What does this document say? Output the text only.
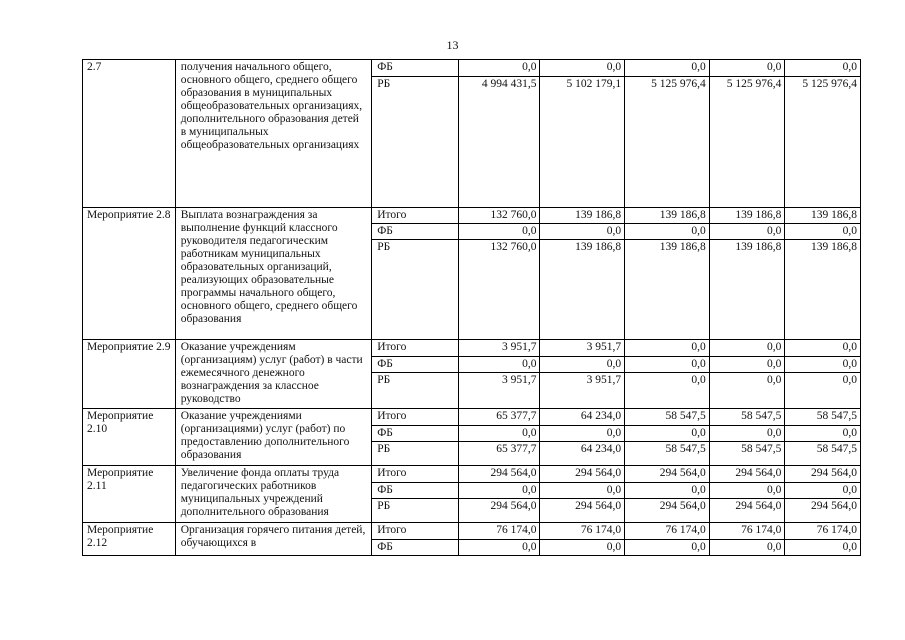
13
2.7	получения начального общего, основного общего, среднего общего образования в муниципальных общеобразовательных организациях, дополнительного образования детей в муниципальных общеобразовательных организациях	ФБ	0,0	0,0	0,0	0,0	0,0
		РБ	4 994 431,5	5 102 179,1	5 125 976,4	5 125 976,4	5 125 976,4
Мероприятие 2.8	Выплата вознаграждения за выполнение функций классного руководителя педагогическим работникам муниципальных образовательных организаций, реализующих образовательные программы начального общего, основного общего, среднего общего образования	Итого	132 760,0	139 186,8	139 186,8	139 186,8	139 186,8
		ФБ	0,0	0,0	0,0	0,0	0,0
		РБ	132 760,0	139 186,8	139 186,8	139 186,8	139 186,8
Мероприятие 2.9	Оказание учреждениям (организациям) услуг (работ) в части ежемесячного денежного вознаграждения за классное руководство	Итого	3 951,7	3 951,7	0,0	0,0	0,0
		ФБ	0,0	0,0	0,0	0,0	0,0
		РБ	3 951,7	3 951,7	0,0	0,0	0,0
Мероприятие 2.10	Оказание учреждениями (организациями) услуг (работ) по предоставлению дополнительного образования	Итого	65 377,7	64 234,0	58 547,5	58 547,5	58 547,5
		ФБ	0,0	0,0	0,0	0,0	0,0
		РБ	65 377,7	64 234,0	58 547,5	58 547,5	58 547,5
Мероприятие 2.11	Увеличение фонда оплаты труда педагогических работников муниципальных учреждений дополнительного образования	Итого	294 564,0	294 564,0	294 564,0	294 564,0	294 564,0
		ФБ	0,0	0,0	0,0	0,0	0,0
		РБ	294 564,0	294 564,0	294 564,0	294 564,0	294 564,0
Мероприятие 2.12	Организация горячего питания детей, обучающихся в	Итого	76 174,0	76 174,0	76 174,0	76 174,0	76 174,0
		ФБ	0,0	0,0	0,0	0,0	0,0
